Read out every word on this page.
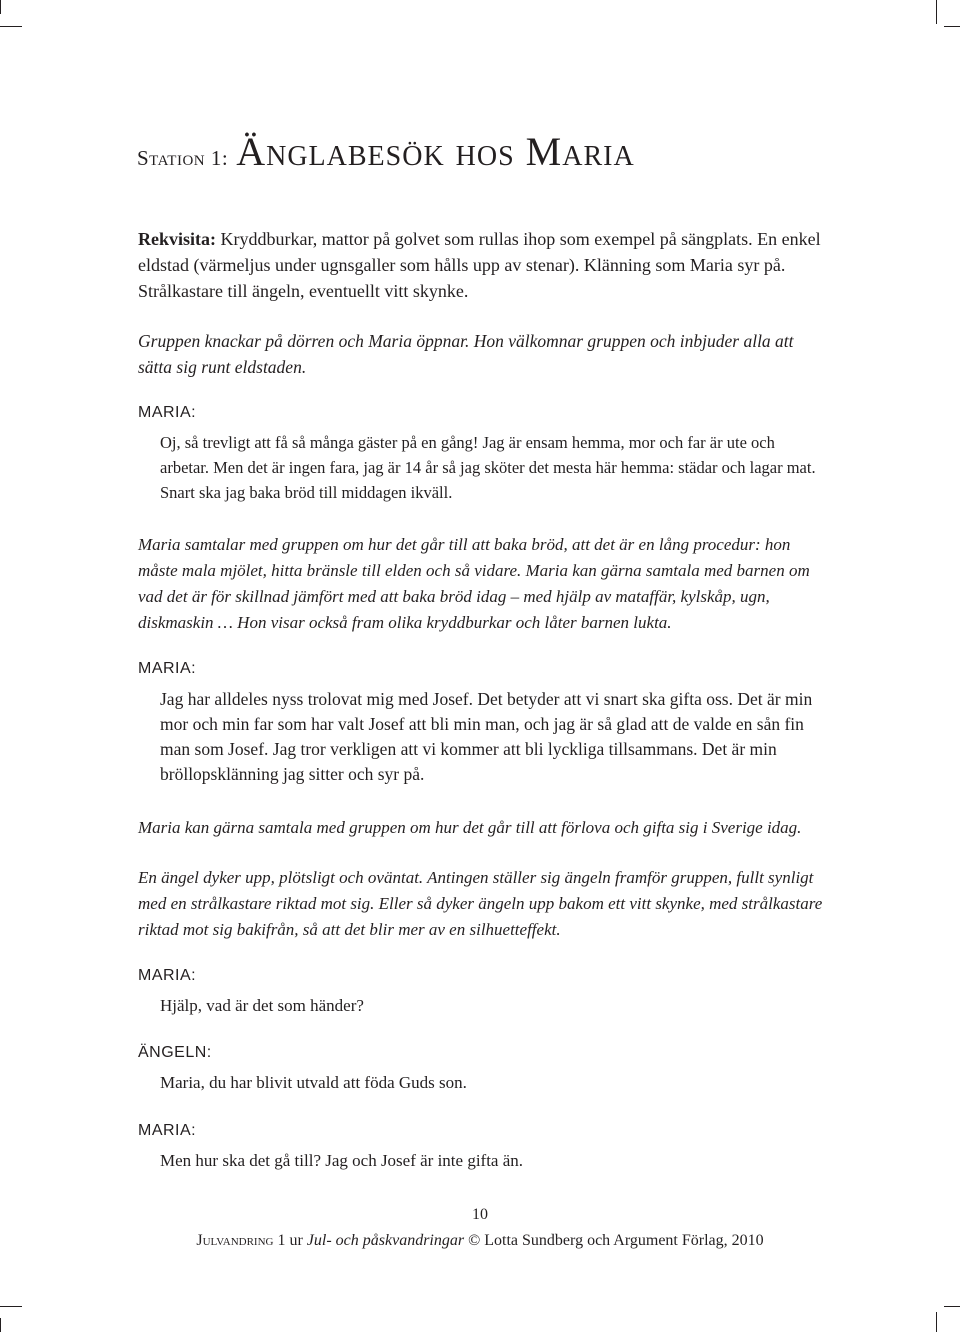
Station 1: Änglabesök hos Maria

Rekvisita: Kryddburkar, mattor på golvet som rullas ihop som exempel på sängplats. En enkel eldstad (värmeljus under ugnsgaller som hålls upp av stenar). Klänning som Maria syr på. Strålkastare till ängeln, eventuellt vitt skynke.

Gruppen knackar på dörren och Maria öppnar. Hon välkomnar gruppen och inbjuder alla att sätta sig runt eldstaden.

MARIA:

Oj, så trevligt att få så många gäster på en gång! Jag är ensam hemma, mor och far är ute och arbetar. Men det är ingen fara, jag är 14 år så jag sköter det mesta här hemma: städar och lagar mat. Snart ska jag baka bröd till middagen ikväll.

Maria samtalar med gruppen om hur det går till att baka bröd, att det är en lång procedur: hon måste mala mjölet, hitta bränsle till elden och så vidare. Maria kan gärna samtala med barnen om vad det är för skillnad jämfört med att baka bröd idag – med hjälp av mataffär, kylskåp, ugn, diskmaskin … Hon visar också fram olika kryddburkar och låter barnen lukta.

MARIA:

Jag har alldeles nyss trolovat mig med Josef. Det betyder att vi snart ska gifta oss. Det är min mor och min far som har valt Josef att bli min man, och jag är så glad att de valde en sån fin man som Josef. Jag tror verkligen att vi kommer att bli lyckliga tillsammans. Det är min bröllopsklänning jag sitter och syr på.

Maria kan gärna samtala med gruppen om hur det går till att förlova och gifta sig i Sverige idag.

En ängel dyker upp, plötsligt och oväntat. Antingen ställer sig ängeln framför gruppen, fullt synligt med en strålkastare riktad mot sig. Eller så dyker ängeln upp bakom ett vitt skynke, med strålkastare riktad mot sig bakifrån, så att det blir mer av en silhuetteffekt.

MARIA:

Hjälp, vad är det som händer?

ÄNGELN:

Maria, du har blivit utvald att föda Guds son.

MARIA:

Men hur ska det gå till? Jag och Josef är inte gifta än.

10
Julvandring 1 ur Jul- och påskvandringar © Lotta Sundberg och Argument Förlag, 2010
